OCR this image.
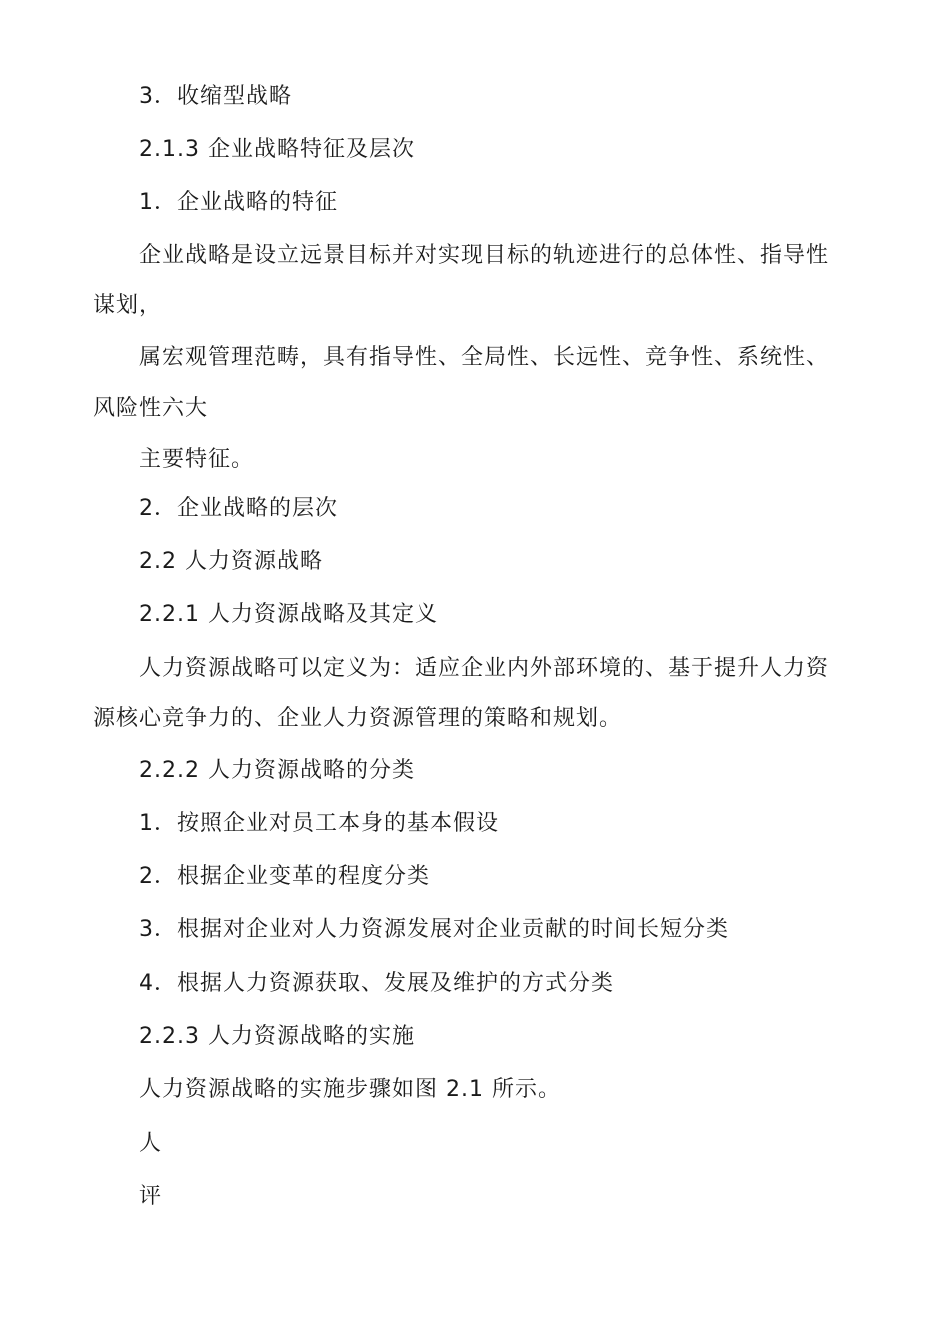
3．收缩型战略
2.1.3 企业战略特征及层次
1．企业战略的特征
企业战略是设立远景目标并对实现目标的轨迹进行的总体性、指导性
谋划，
属宏观管理范畴，具有指导性、全局性、长远性、竞争性、系统性、
风险性六大
主要特征。
2．企业战略的层次
2.2 人力资源战略
2.2.1 人力资源战略及其定义
人力资源战略可以定义为：适应企业内外部环境的、基于提升人力资
源核心竞争力的、企业人力资源管理的策略和规划。
2.2.2 人力资源战略的分类
1．按照企业对员工本身的基本假设
2．根据企业变革的程度分类
3．根据对企业对人力资源发展对企业贡献的时间长短分类
4．根据人力资源获取、发展及维护的方式分类
2.2.3 人力资源战略的实施
人力资源战略的实施步骤如图 2.1 所示。
人
评
